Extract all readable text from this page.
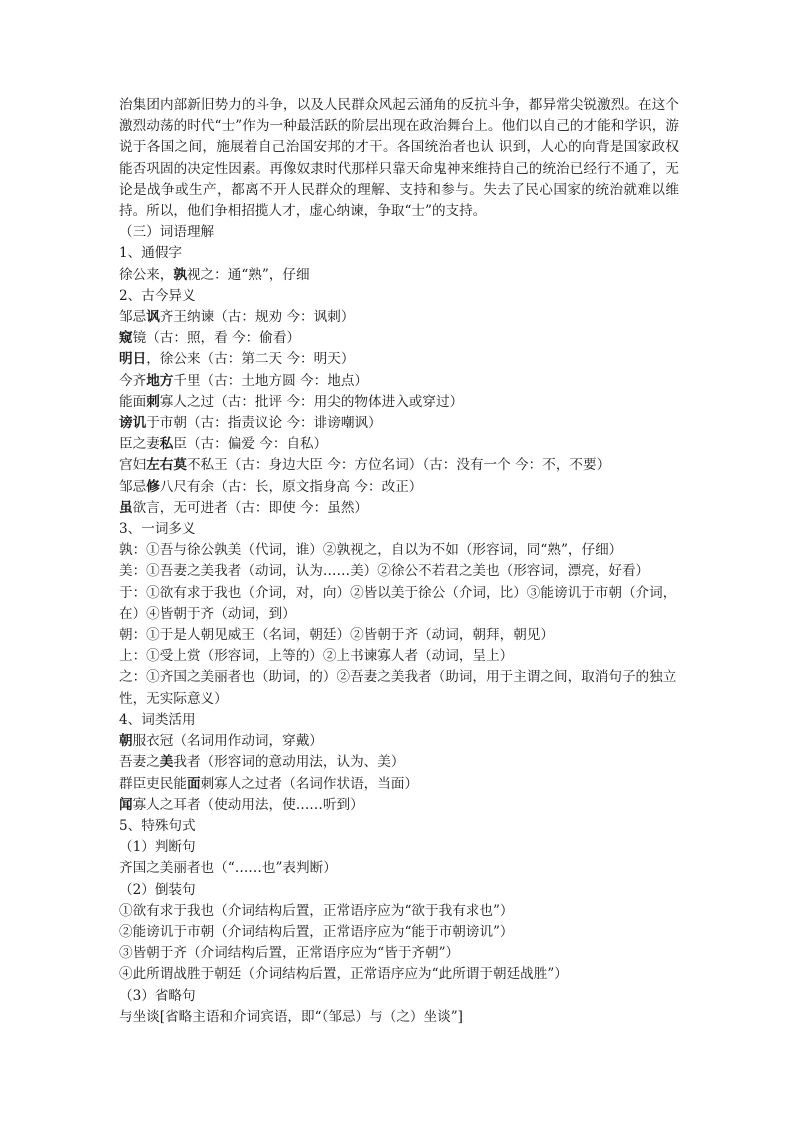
治集团内部新旧势力的斗争，以及人民群众风起云涌角的反抗斗争，都异常尖锐激烈。在这个激烈动荡的时代“士”作为一种最活跃的阶层出现在政治舞台上。他们以自己的才能和学识，游说于各国之间，施展着自己治国安邦的才干。各国统治者也认 识到，人心的向背是国家政权能否巩固的决定性因素。再像奴隶时代那样只靠天命鬼神来维持自己的统治已经行不通了，无论是战争或生产，都离不开人民群众的理解、支持和参与。失去了民心国家的统治就难以维持。所以，他们争相招揽人才，虚心纳谏，争取“士”的支持。

（三）词语理解

1、通假字

徐公来，孰视之：通“熟”，仔细

2、古今异义

邹忌讽齐王纳谏（古：规劝 今：讽刺）

窥镜（古：照，看 今：偷看）

明日，徐公来（古：第二天 今：明天）

今齐地方千里（古：土地方圆 今：地点）

能面刺寡人之过（古：批评 今：用尖的物体进入或穿过）

谤讥于市朝（古：指责议论 今：诽谤嘲讽）

臣之妻私臣（古：偏爱 今：自私）

宫妇左右莫不私王（古：身边大臣 今：方位名词）（古：没有一个 今：不，不要）

邹忌修八尺有余（古：长，原文指身高 今：改正）

虽欲言，无可进者（古：即使 今：虽然）

3、一词多义

孰：①吾与徐公孰美（代词，谁）②孰视之，自以为不如（形容词，同“熟”，仔细）

美：①吾妻之美我者（动词，认为……美）②徐公不若君之美也（形容词，漂亮，好看）

于：①欲有求于我也（介词，对，向）②皆以美于徐公（介词，比）③能谤讥于市朝（介词，在）④皆朝于齐（动词，到）

朝：①于是人朝见威王（名词，朝廷）②皆朝于齐（动词，朝拜，朝见）

上：①受上赏（形容词，上等的）②上书谏寡人者（动词，呈上）

之：①齐国之美丽者也（助词，的）②吾妻之美我者（助词，用于主谓之间，取消句子的独立性，无实际意义）

4、词类活用

朝服衣冠（名词用作动词，穿戴）

吾妻之美我者（形容词的意动用法，认为、美）

群臣吏民能面刺寡人之过者（名词作状语，当面）

闻寡人之耳者（使动用法，使……听到）

5、特殊句式

（1）判断句

齐国之美丽者也（“……也”表判断）

（2）倒装句

①欲有求于我也（介词结构后置，正常语序应为“欲于我有求也”）

②能谤讥于市朝（介词结构后置，正常语序应为“能于市朝谤讥”）

③皆朝于齐（介词结构后置，正常语序应为“皆于齐朝”）

④此所谓战胜于朝廷（介词结构后置，正常语序应为“此所谓于朝廷战胜”）

（3）省略句

与坐谈[省略主语和介词宾语，即“（邹忌）与（之）坐谈”]
